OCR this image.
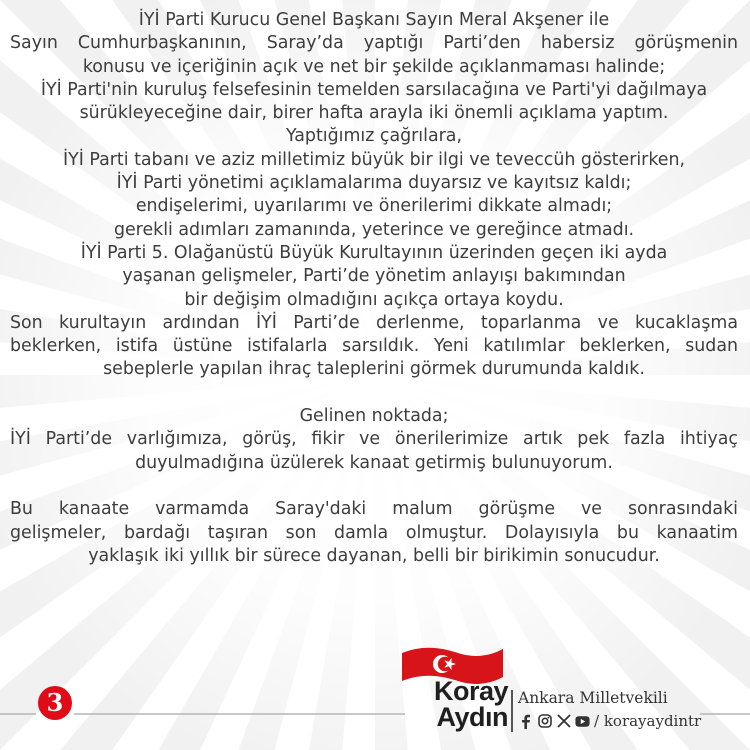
İYİ Parti Kurucu Genel Başkanı Sayın Meral Akşener ile
Sayın Cumhurbaşkanının, Saray’da yaptığı Parti’den habersiz görüşmenin
konusu ve içeriğinin açık ve net bir şekilde açıklanmaması halinde;
İYİ Parti'nin kuruluş felsefesinin temelden sarsılacağına ve Parti'yi dağılmaya
sürükleyeceğine dair, birer hafta arayla iki önemli açıklama yaptım.
Yaptığımız çağrılara,
İYİ Parti tabanı ve aziz milletimiz büyük bir ilgi ve teveccüh gösterirken,
İYİ Parti yönetimi açıklamalarıma duyarsız ve kayıtsız kaldı;
endişelerimi, uyarılarımı ve önerilerimi dikkate almadı;
gerekli adımları zamanında, yeterince ve gereğince atmadı.
İYİ Parti 5. Olağanüstü Büyük Kurultayının üzerinden geçen iki ayda
yaşanan gelişmeler, Parti’de yönetim anlayışı bakımından
bir değişim olmadığını açıkça ortaya koydu.
Son kurultayın ardından İYİ Parti’de derlenme, toparlanma ve kucaklaşma
beklerken, istifa üstüne istifalarla sarsıldık. Yeni katılımlar beklerken, sudan
sebeplerle yapılan ihraç taleplerini görmek durumunda kaldık.
Gelinen noktada;
İYİ Parti’de varlığımıza, görüş, fikir ve önerilerimize artık pek fazla ihtiyaç
duyulmadığına üzülerek kanaat getirmiş bulunuyorum.
Bu kanaate varmamda Saray'daki malum görüşme ve sonrasındaki
gelişmeler, bardağı taşıran son damla olmuştur. Dolayısıyla bu kanaatim
yaklaşık iki yıllık bir sürece dayanan, belli bir birikimin sonucudur.
3	Koray
Aydın
Ankara Milletvekili
/ korayaydintr
